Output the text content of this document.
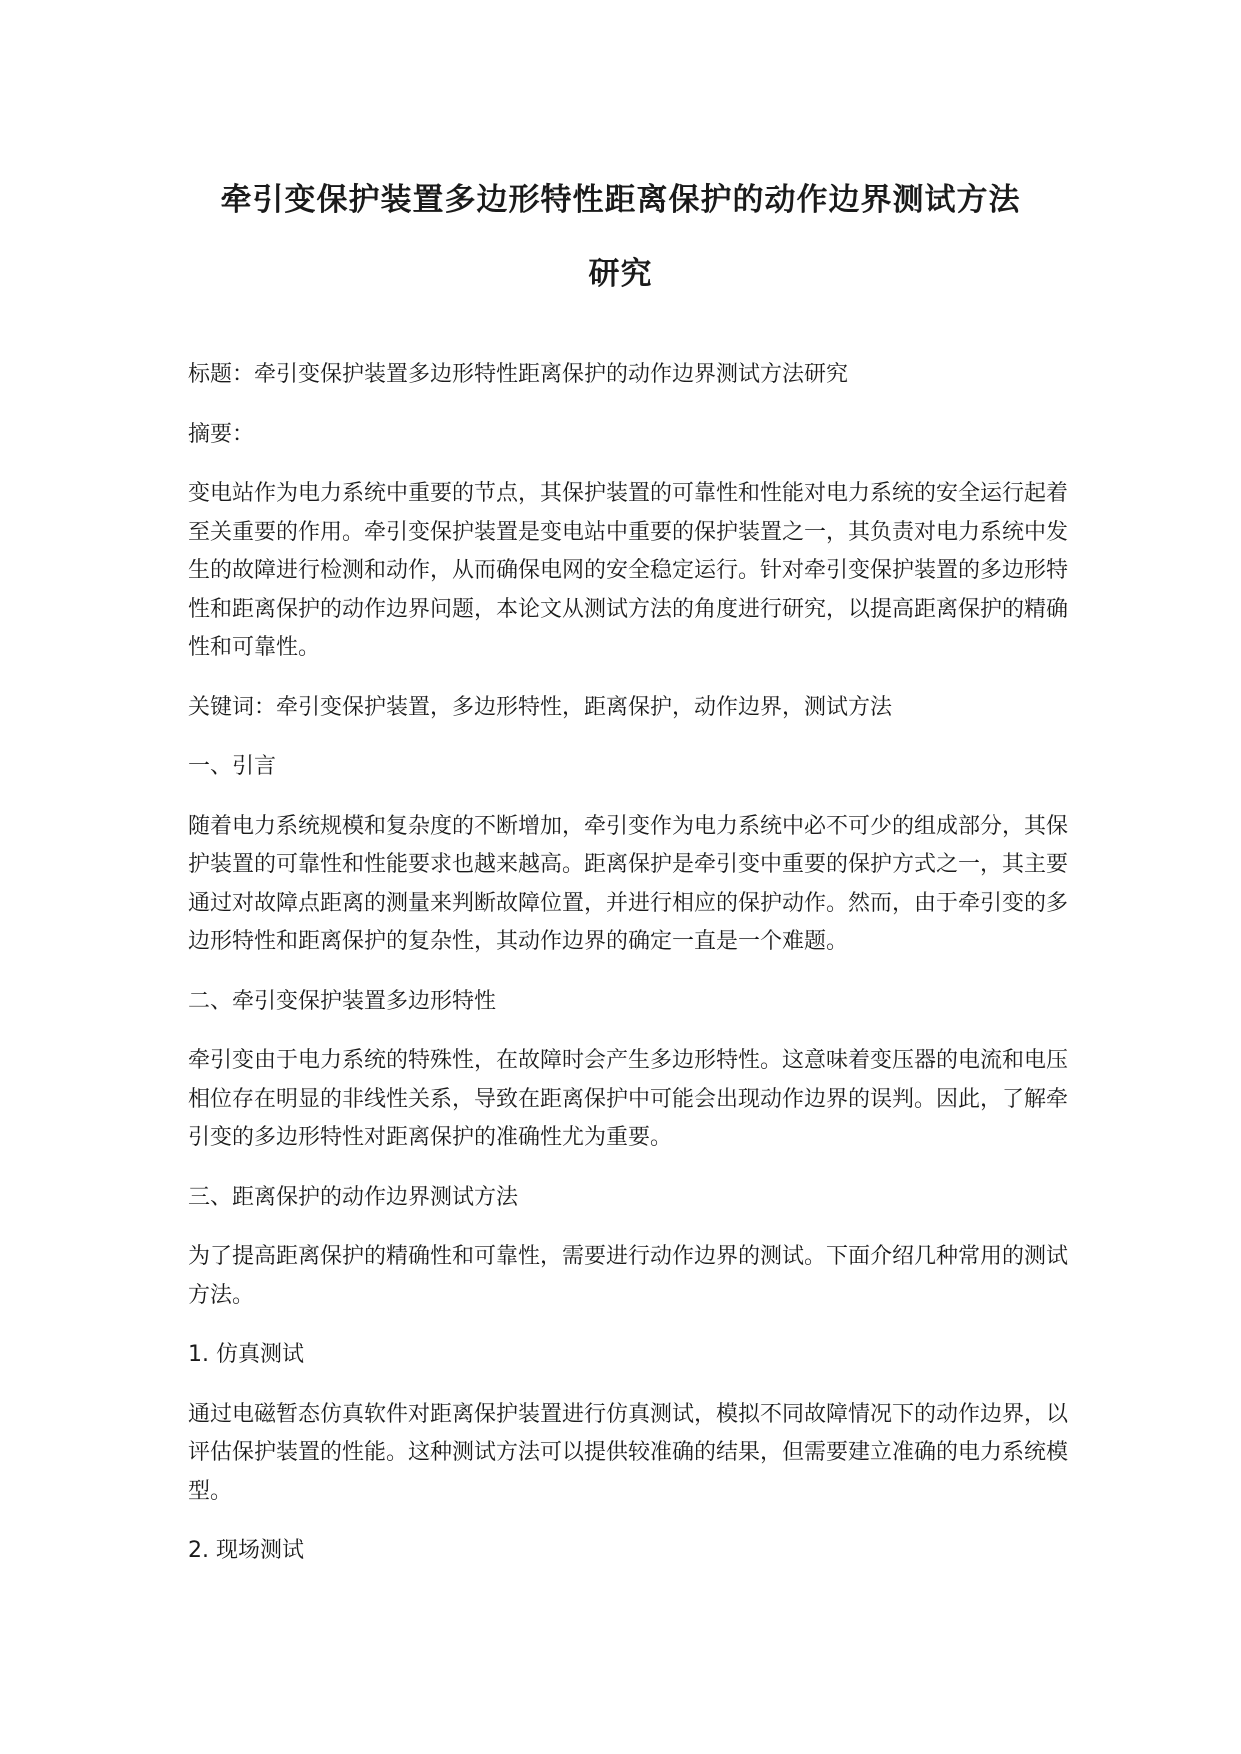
牵引变保护装置多边形特性距离保护的动作边界测试方法
研究

标题：牵引变保护装置多边形特性距离保护的动作边界测试方法研究

摘要：

变电站作为电力系统中重要的节点，其保护装置的可靠性和性能对电力系统的安全运行起着至关重要的作用。牵引变保护装置是变电站中重要的保护装置之一，其负责对电力系统中发生的故障进行检测和动作，从而确保电网的安全稳定运行。针对牵引变保护装置的多边形特性和距离保护的动作边界问题，本论文从测试方法的角度进行研究，以提高距离保护的精确性和可靠性。

关键词：牵引变保护装置，多边形特性，距离保护，动作边界，测试方法

一、引言

随着电力系统规模和复杂度的不断增加，牵引变作为电力系统中必不可少的组成部分，其保护装置的可靠性和性能要求也越来越高。距离保护是牵引变中重要的保护方式之一，其主要通过对故障点距离的测量来判断故障位置，并进行相应的保护动作。然而，由于牵引变的多边形特性和距离保护的复杂性，其动作边界的确定一直是一个难题。

二、牵引变保护装置多边形特性

牵引变由于电力系统的特殊性，在故障时会产生多边形特性。这意味着变压器的电流和电压相位存在明显的非线性关系，导致在距离保护中可能会出现动作边界的误判。因此，了解牵引变的多边形特性对距离保护的准确性尤为重要。

三、距离保护的动作边界测试方法

为了提高距离保护的精确性和可靠性，需要进行动作边界的测试。下面介绍几种常用的测试方法。

1. 仿真测试

通过电磁暂态仿真软件对距离保护装置进行仿真测试，模拟不同故障情况下的动作边界，以评估保护装置的性能。这种测试方法可以提供较准确的结果，但需要建立准确的电力系统模型。

2. 现场测试
